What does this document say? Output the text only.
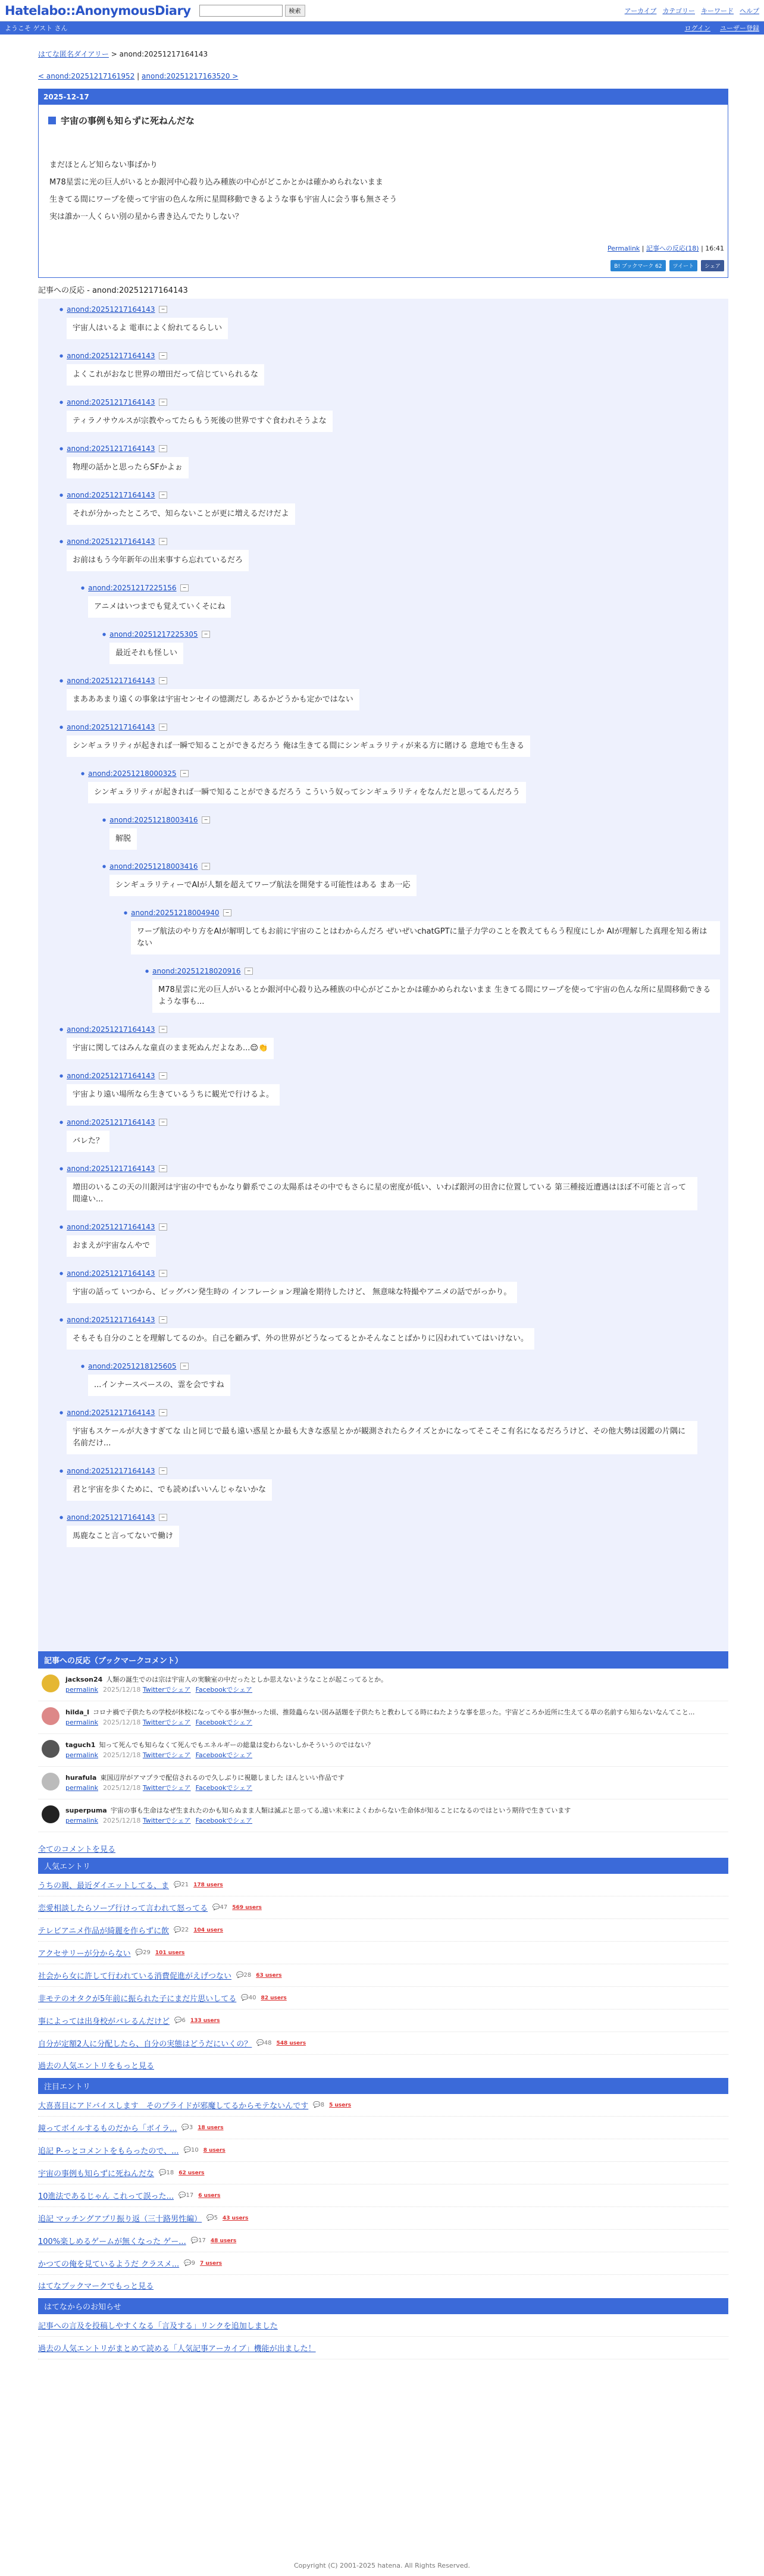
Hatelabo::AnonymousDiary	検索	アーカイブ カテゴリー キーワード ヘルプ
ようこそ ゲスト さん	ログイン ユーザー登録
はてな匿名ダイアリー > anond:20251217164143
< anond:20251217161952 | anond:20251217163520 >
2025-12-17
宇宙の事例も知らずに死ねんだな

まだほとんど知らない事ばかり

M78星雲に光の巨人がいるとか銀河中心殺り込み種族の中心がどこかとかは確かめられないまま

生きてる間にワープを使って宇宙の色んな所に星間移動できるような事も宇宙人に会う事も無さそう

実は誰か一人くらい別の星から書き込んでたりしない？

Permalink | 記事への反応(18) | 16:41
B! ブックマーク 62	ツイート	シェア
記事への反応 - anond:20251217164143
● anond:20251217164143	−
宇宙人はいるよ 電車によく紛れてるらしい
● anond:20251217164143	−
よくこれがおなじ世界の増田だって信じていられるな
● anond:20251217164143	−
ティラノサウルスが宗教やってたらもう死後の世界ですぐ食われそうよな
● anond:20251217164143	−
物理の話かと思ったらSFかよぉ
● anond:20251217164143	−
それが分かったところで、知らないことが更に増えるだけだよ
● anond:20251217164143	−
お前はもう今年新年の出来事すら忘れているだろ
● anond:20251217225156	−
アニメはいつまでも覚えていくそにね
● anond:20251217225305	−
最近それも怪しい
● anond:20251217164143	−
まあああまり遠くの事象は宇宙センセイの憶測だし あるかどうかも定かではない
● anond:20251217164143	−
シンギュラリティが起きれば一瞬で知ることができるだろう 俺は生きてる間にシンギュラリティが来る方に賭ける 意地でも生きる
● anond:20251218000325	−
シンギュラリティが起きれば一瞬で知ることができるだろう こういう奴ってシンギュラリティをなんだと思ってるんだろう
● anond:20251218003416	−
解脱
● anond:20251218003416	−
シンギュラリティーでAIが人類を超えてワープ航法を開発する可能性はある まあ一応
● anond:20251218004940	−
ワープ航法のやり方をAIが解明してもお前に宇宙のことはわからんだろ ぜいぜいchatGPTに量子力学のことを教えてもらう程度にしか AIが理解した真理を知る術はない
● anond:20251218020916	−
M78星雲に光の巨人がいるとか銀河中心殺り込み種族の中心がどこかとかは確かめられないまま 生きてる間にワープを使って宇宙の色んな所に星間移動できるような事も...
● anond:20251217164143	−
宇宙に関してはみんな童貞のまま死ぬんだよなあ...😌👏
● anond:20251217164143	−
宇宙より遠い場所なら生きているうちに観光で行けるよ。
● anond:20251217164143	−
バレた？
● anond:20251217164143	−
増田のいるこの天の川銀河は宇宙の中でもかなり僻系でこの太陽系はその中でもさらに星の密度が低い、いわば銀河の田舎に位置している 第三種接近遭遇はほぼ不可能と言って間違い...
● anond:20251217164143	−
おまえが宇宙なんやで
● anond:20251217164143	−
宇宙の話って いつから、ビッグバン発生時の インフレーション理論を期待したけど、 無意味な特撮やアニメの話でがっかり。
● anond:20251217164143	−
そもそも自分のことを理解してるのか。自己を顧みず、外の世界がどうなってるとかそんなことばかりに囚われていてはいけない。
● anond:20251218125605	−
...インナースペースの、霊を会ですね
● anond:20251217164143	−
宇宙もスケールが大きすぎてな 山と同じで最も遠い惑星とか最も大きな惑星とかが観測されたらクイズとかになってそこそこ有名になるだろうけど、その他大勢は図鑑の片隅に名前だけ...
● anond:20251217164143	−
君と宇宙を歩くために、でも読めばいいんじゃないかな
● anond:20251217164143	−
馬鹿なこと言ってないで働け
記事への反応（ブックマークコメント）
jackson24 人類の誕生でのは宗は宇宙人の実験室の中だったとしか思えないようなことが起こってるとか。
permalink 2025/12/18 Twitterでシェア Facebookでシェア
hilda_l コロナ禍で子供たちの学校が休校になってやる事が無かった頃、推陸蟲らない図み話題を子供たちと教わしてる時にねたような事を思った。宇宙どころか近所に生えてる草の名前すら知らないなんてこと...
permalink 2025/12/18 Twitterでシェア Facebookでシェア
taguch1 知って死んでも知らなくて死んでもエネルギーの総量は変わらないしかそういうのではない？
permalink 2025/12/18 Twitterでシェア Facebookでシェア
hurafula 東国辺岸がアマプラで配信されるので久しぶりに視聴しました ほんといい作品です
permalink 2025/12/18 Twitterでシェア Facebookでシェア
superpuma 宇宙の事も生命はなぜ生まれたのかも知らぬまま人類は滅ぶと思ってる,遠い未来によくわからない生命体が知ることになるのではという期待で生きています
permalink 2025/12/18 Twitterでシェア Facebookでシェア
全てのコメントを見る
人気エントリ
うちの親、最近ダイエットしてる、ま 💬21 178 users
恋愛相談したらソープ行けって言われて怒ってる 💬47 569 users
テレビアニメ作品が綺麗を作らずに飲 💬22 104 users
アクセサリーが分からない 💬29 101 users
社会から女に許して行われている消費促進がえげつない 💬28 63 users
非モテのオタクが5年前に振られた子にまだ片思いしてる 💬40 82 users
事によっては出身校がバレるんだけど 💬6 133 users
自分が定額2人に分配したら、自分の実態はどうだにいくの？ 💬48 548 users
過去の人気エントリをもっと見る
注目エントリ
大喜喜目にアドバイスします　そのプライドが邪魔してるからモテないんです 💬8 5 users
鏡ってボイルするものだから「ボイラ... 💬3 18 users
追記 P-っとコメントをもらったので、... 💬10 8 users
宇宙の事例も知らずに死ねんだな 💬18 62 users
10進法であるじゃん これって誤った... 💬17 6 users
追記 マッチングアプリ振り返（三十路男性編） 💬5 43 users
100%楽しめるゲームが無くなった ゲー... 💬17 48 users
かつての俺を見ているようだ クラスメ... 💬9 7 users
はてなブックマークでもっと見る
はてなからのお知らせ
記事への言及を投稿しやすくなる「言及する」リンクを追加しました
過去の人気エントリがまとめて読める「人気記事アーカイブ」機能が出ました！
Copyright (C) 2001-2025 hatena. All Rights Reserved.
